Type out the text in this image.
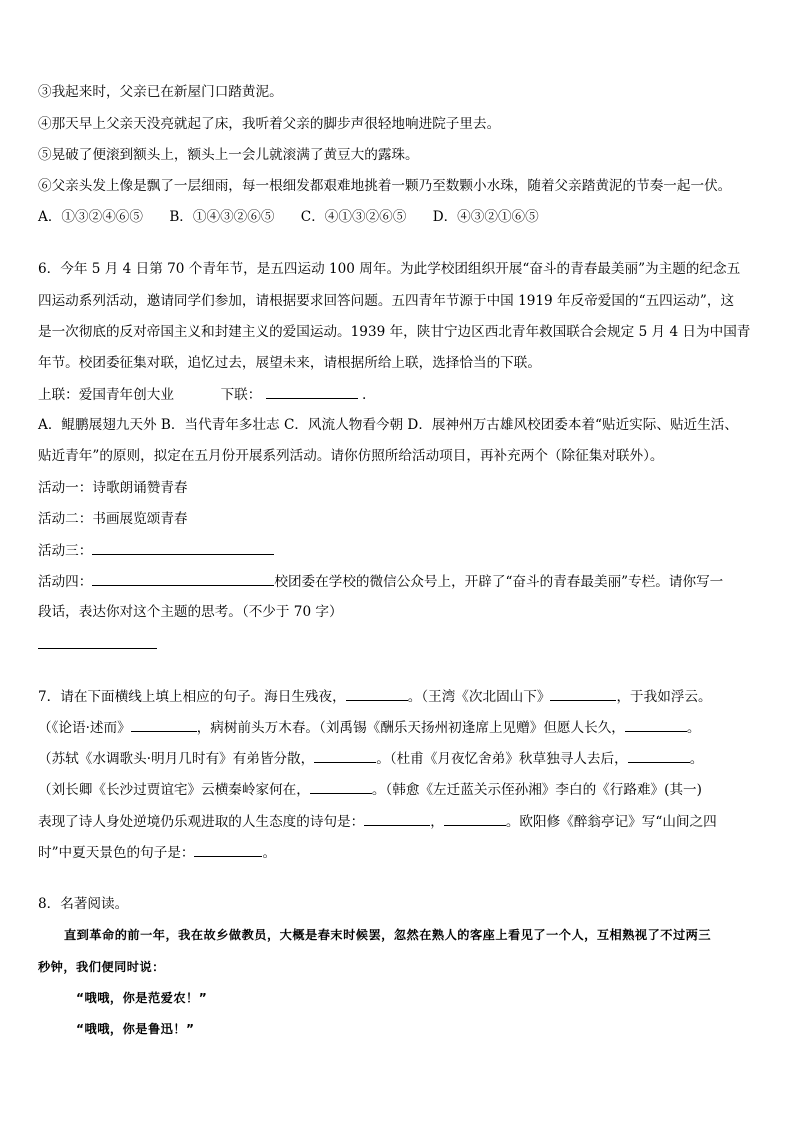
③我起来时，父亲已在新屋门口踏黄泥。
④那天早上父亲天没亮就起了床，我听着父亲的脚步声很轻地响进院子里去。
⑤晃破了便滚到额头上，额头上一会儿就滚满了黄豆大的露珠。
⑥父亲头发上像是飘了一层细雨，每一根细发都艰难地挑着一颗乃至数颗小水珠，随着父亲踏黄泥的节奏一起一伏。
A．①③②④⑥⑤ B．①④③②⑥⑤ C．④①③②⑥⑤ D．④③②①⑥⑤
6．今年 5 月 4 日第 70 个青年节，是五四运动 100 周年。为此学校团组织开展“奋斗的青春最美丽”为主题的纪念五
四运动系列活动，邀请同学们参加，请根据要求回答问题。五四青年节源于中国 1919 年反帝爱国的“五四运动”，这
是一次彻底的反对帝国主义和封建主义的爱国运动。1939 年，陕甘宁边区西北青年救国联合会规定 5 月 4 日为中国青
年节。校团委征集对联，追忆过去，展望未来，请根据所给上联，选择恰当的下联。
上联：爱国青年创大业	下联：	.
A．鲲鹏展翅九天外 B．当代青年多壮志 C．风流人物看今朝 D．展神州万古雄风校团委本着“贴近实际、贴近生活、
贴近青年”的原则，拟定在五月份开展系列活动。请你仿照所给活动项目，再补充两个（除征集对联外）。
活动一：诗歌朗诵赞青春
活动二：书画展览颂青春
活动三：
活动四：	校团委在学校的微信公众号上，开辟了“奋斗的青春最美丽”专栏。请你写一
段话，表达你对这个主题的思考。（不少于 70 字）
7．请在下面横线上填上相应的句子。海日生残夜，	。（王湾《次北固山下》	，于我如浮云。
（《论语·述而》	，病树前头万木春。（刘禹锡《酬乐天扬州初逢席上见赠》但愿人长久，	。
（苏轼《水调歌头·明月几时有》有弟皆分散，	。（杜甫《月夜忆舍弟》秋草独寻人去后，	。
（刘长卿《长沙过贾谊宅》云横秦岭家何在，	。（韩愈《左迁蓝关示侄孙湘》李白的《行路难》(其一)
表现了诗人身处逆境仍乐观进取的人生态度的诗句是：	，	。欧阳修《醉翁亭记》写“山间之四
时”中夏天景色的句子是：	。
8．名著阅读。
直到革命的前一年，我在故乡做教员，大概是春末时候罢，忽然在熟人的客座上看见了一个人，互相熟视了不过两三
秒钟，我们便同时说：
“哦哦，你是范爱农！”
“哦哦，你是鲁迅！”
